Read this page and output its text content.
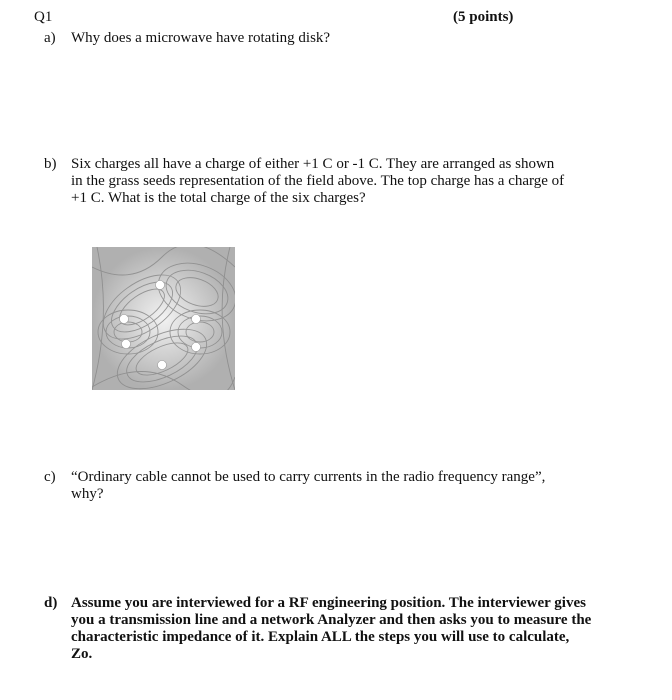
Q1	(5 points)
a) Why does a microwave have rotating disk?
b) Six charges all have a charge of either +1 C or -1 C. They are arranged as shown
in the grass seeds representation of the field above. The top charge has a charge of
+1 C. What is the total charge of the six charges?
c) “Ordinary cable cannot be used to carry currents in the radio frequency range”,
why?
d) Assume you are interviewed for a RF engineering position. The interviewer gives
you a transmission line and a network Analyzer and then asks you to measure the
characteristic impedance of it. Explain ALL the steps you will use to calculate,
Zo.
